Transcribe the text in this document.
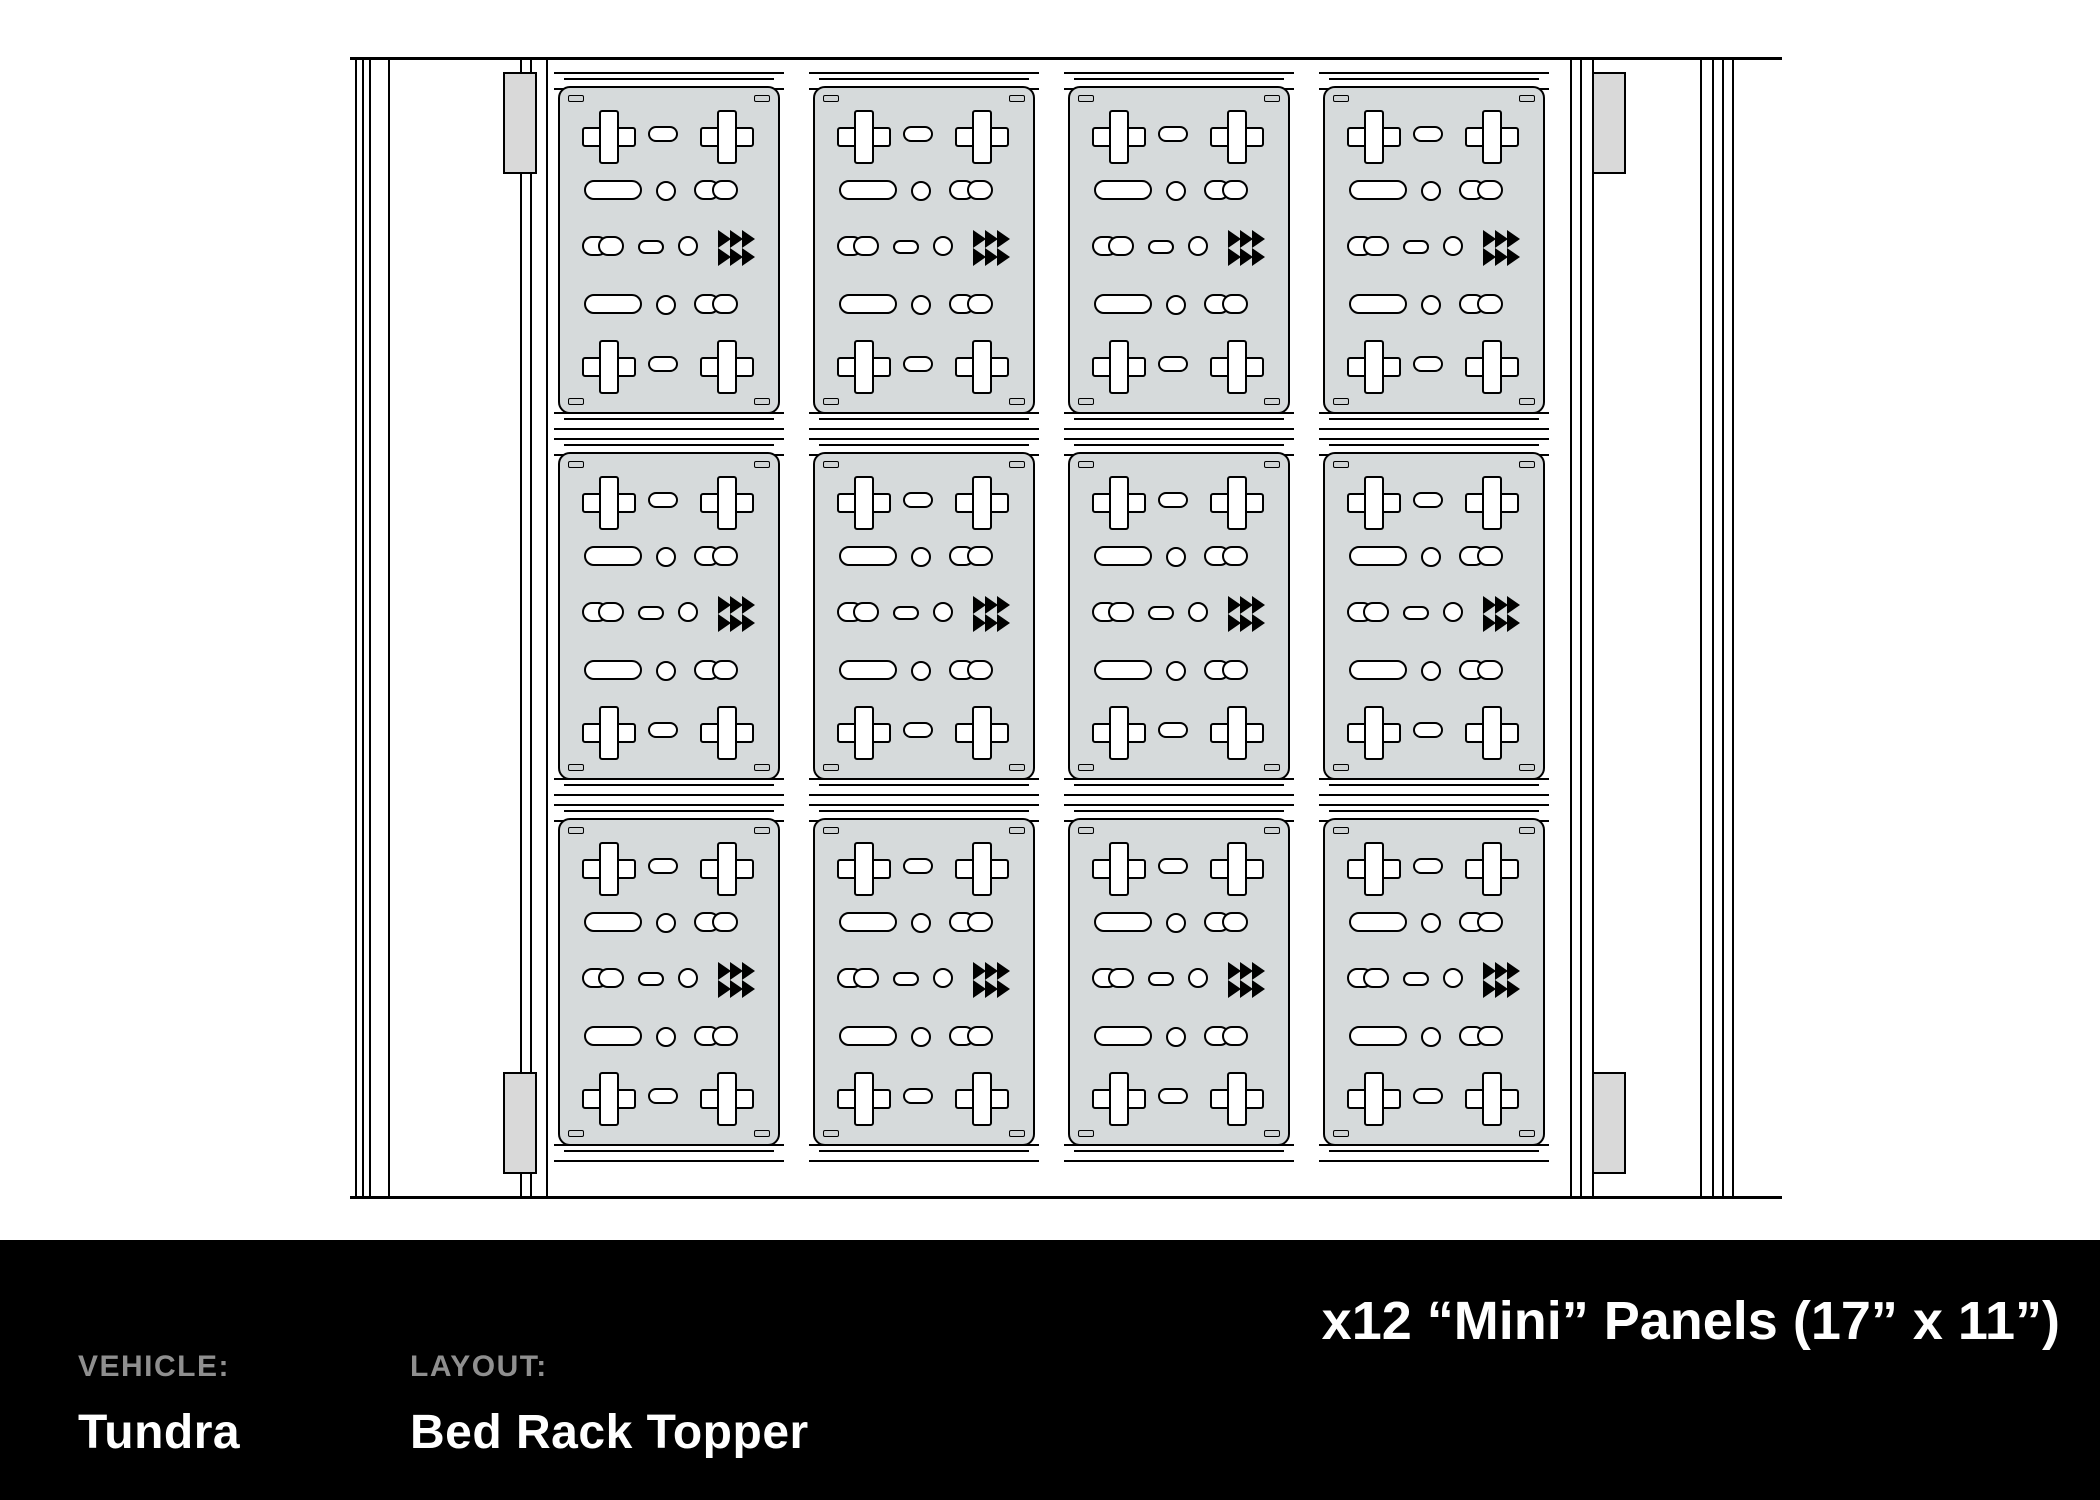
VEHICLE:
Tundra
LAYOUT:
Bed Rack Topper
x12 “Mini” Panels (17” x 11”)
